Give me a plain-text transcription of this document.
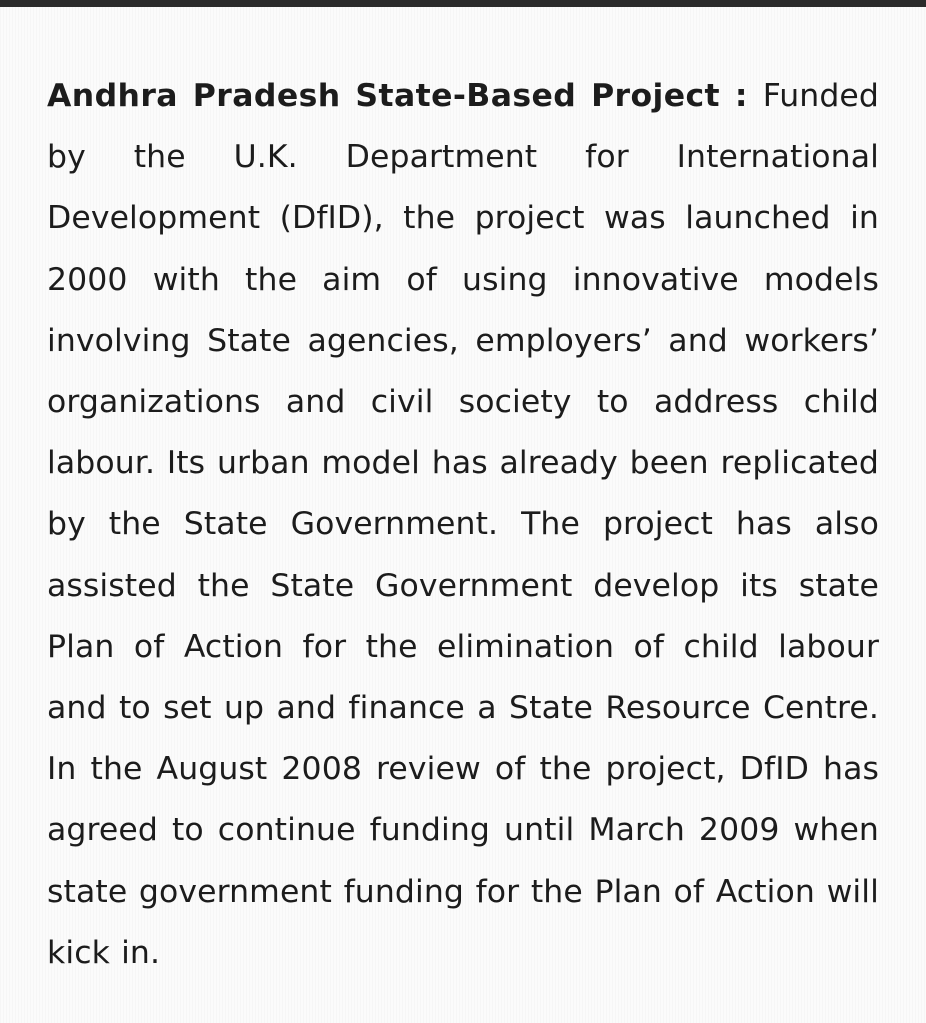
Andhra Pradesh State-Based Project : Funded by the U.K. Department for International Development (DfID), the project was launched in 2000 with the aim of using innovative models involving State agencies, employers’ and workers’ organizations and civil society to address child labour. Its urban model has already been replicated by the State Government. The project has also assisted the State Government develop its state Plan of Action for the elimination of child labour and to set up and finance a State Resource Centre. In the August 2008 review of the project, DfID has agreed to continue funding until March 2009 when state government funding for the Plan of Action will kick in.
